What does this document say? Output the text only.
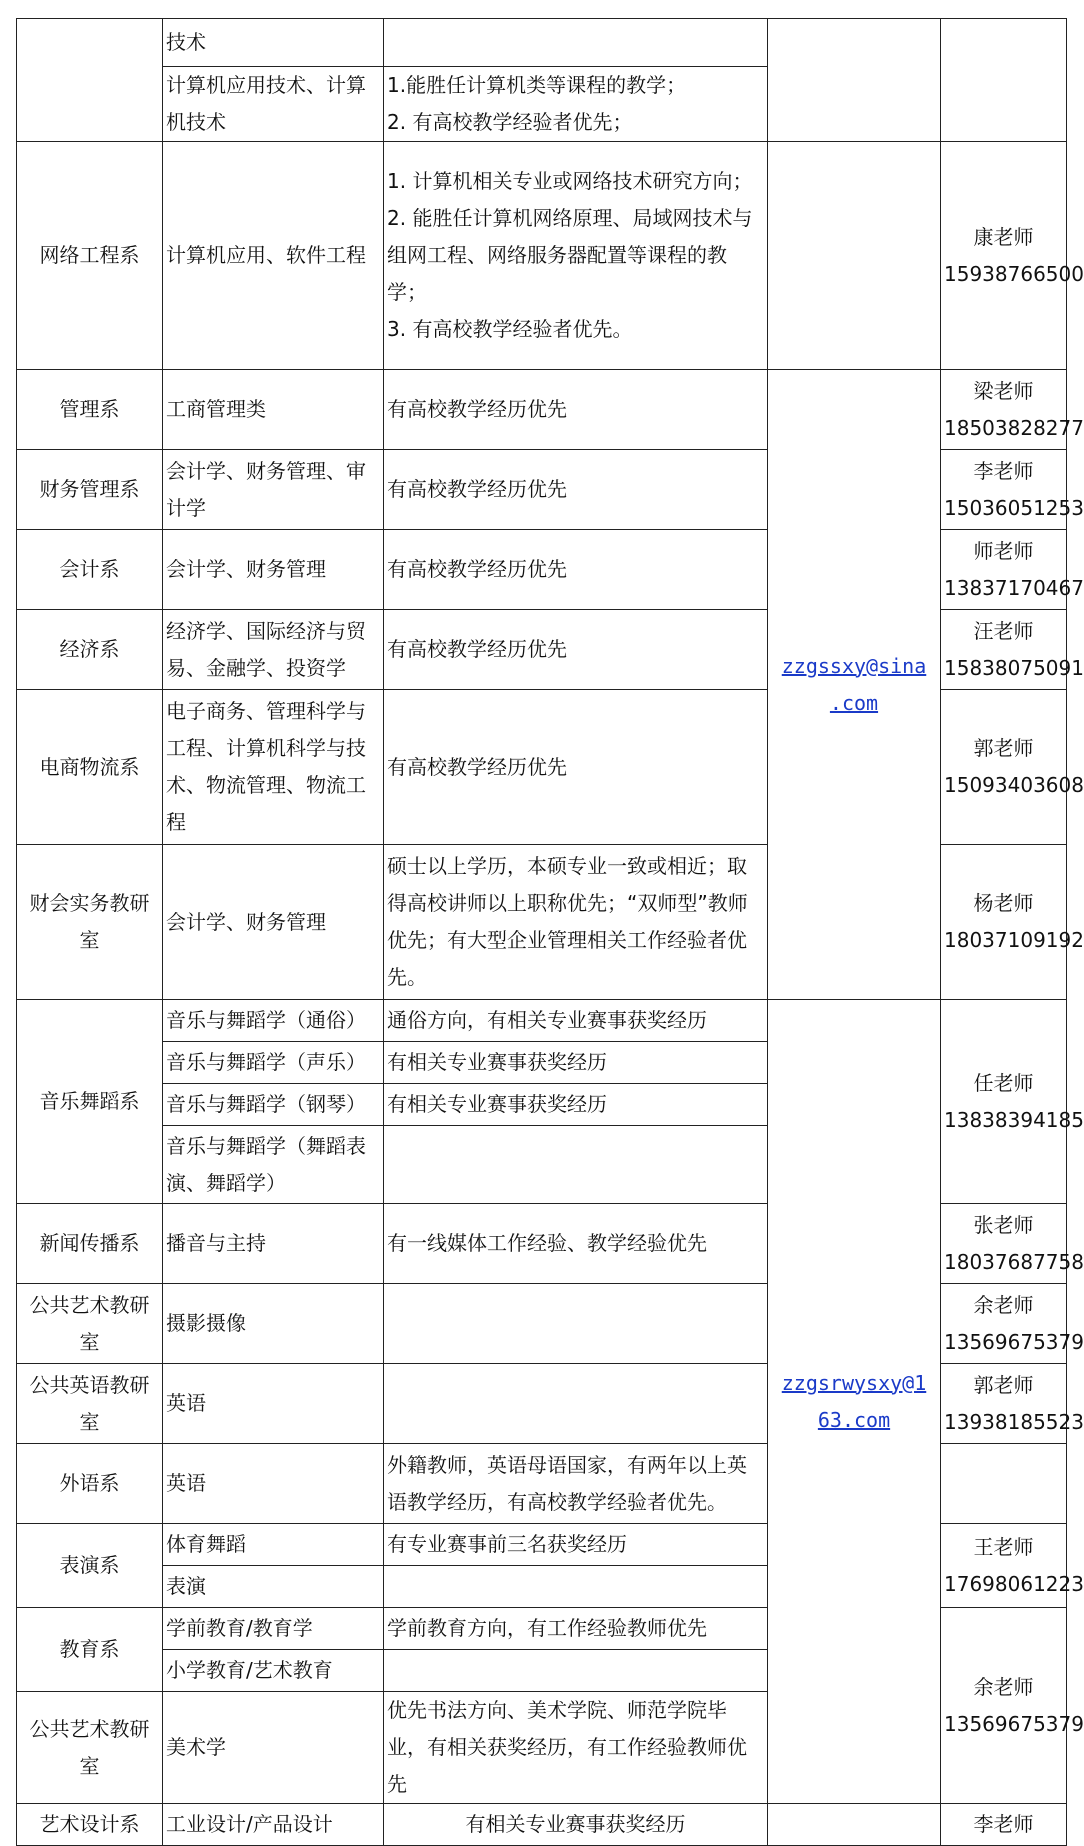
	技术			
	计算机应用技术、计算机技术	1.能胜任计算机类等课程的教学；
2. 有高校教学经验者优先；		

网络工程系	计算机应用、软件工程	1. 计算机相关专业或网络技术研究方向；
2. 能胜任计算机网络原理、局域网技术与组网工程、网络服务器配置等课程的教学；
3. 有高校教学经验者优先。		康老师
15938766500

管理系	工商管理类	有高校教学经历优先	zzgssxy@sina
.com	梁老师
18503828277

财务管理系	会计学、财务管理、审计学	有高校教学经历优先		李老师
15036051253

会计系	会计学、财务管理	有高校教学经历优先		师老师
13837170467

经济系	经济学、国际经济与贸易、金融学、投资学	有高校教学经历优先		汪老师
15838075091

电商物流系	电子商务、管理科学与工程、计算机科学与技术、物流管理、物流工程	有高校教学经历优先		郭老师
15093403608

财会实务教研室	会计学、财务管理	硕士以上学历，本硕专业一致或相近；取得高校讲师以上职称优先；“双师型”教师优先；有大型企业管理相关工作经验者优先。		杨老师
18037109192

音乐舞蹈系	音乐与舞蹈学（通俗）	通俗方向，有相关专业赛事获奖经历	zzgsrwysxy@1
63.com	任老师
13838394185

	音乐与舞蹈学（声乐）	有相关专业赛事获奖经历		
	音乐与舞蹈学（钢琴）	有相关专业赛事获奖经历		
	音乐与舞蹈学（舞蹈表演、舞蹈学）			
新闻传播系	播音与主持	有一线媒体工作经验、教学经验优先		张老师
18037687758

公共艺术教研室	摄影摄像			余老师
13569675379

公共英语教研室	英语			郭老师
13938185523

外语系	英语	外籍教师，英语母语国家，有两年以上英语教学经历，有高校教学经验者优先。		
表演系	体育舞蹈	有专业赛事前三名获奖经历		王老师
17698061223

	表演			
教育系	学前教育/教育学	学前教育方向，有工作经验教师优先		余老师
13569675379

	小学教育/艺术教育			
公共艺术教研室	美术学	优先书法方向、美术学院、师范学院毕业，有相关获奖经历，有工作经验教师优先		
艺术设计系	工业设计/产品设计	有相关专业赛事获奖经历		李老师
